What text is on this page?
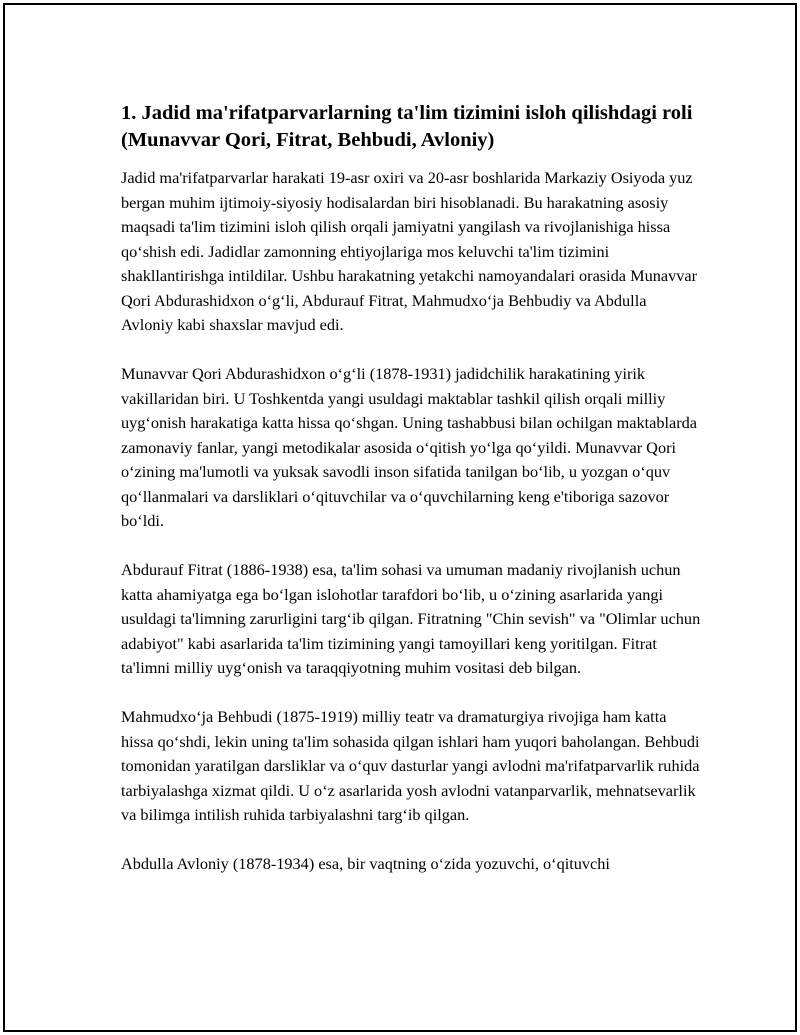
1. Jadid ma'rifatparvarlarning ta'lim tizimini isloh qilishdagi roli (Munavvar Qori, Fitrat, Behbudi, Avloniy)

Jadid ma'rifatparvarlar harakati 19-asr oxiri va 20-asr boshlarida Markaziy Osiyoda yuz bergan muhim ijtimoiy-siyosiy hodisalardan biri hisoblanadi. Bu harakatning asosiy maqsadi ta'lim tizimini isloh qilish orqali jamiyatni yangilash va rivojlanishiga hissa qo‘shish edi. Jadidlar zamonning ehtiyojlariga mos keluvchi ta'lim tizimini shakllantirishga intildilar. Ushbu harakatning yetakchi namoyandalari orasida Munavvar Qori Abdurashidxon o‘g‘li, Abdurauf Fitrat, Mahmudxo‘ja Behbudiy va Abdulla Avloniy kabi shaxslar mavjud edi.

Munavvar Qori Abdurashidxon o‘g‘li (1878-1931) jadidchilik harakatining yirik vakillaridan biri. U Toshkentda yangi usuldagi maktablar tashkil qilish orqali milliy uyg‘onish harakatiga katta hissa qo‘shgan. Uning tashabbusi bilan ochilgan maktablarda zamonaviy fanlar, yangi metodikalar asosida o‘qitish yo‘lga qo‘yildi. Munavvar Qori o‘zining ma'lumotli va yuksak savodli inson sifatida tanilgan bo‘lib, u yozgan o‘quv qo‘llanmalari va darsliklari o‘qituvchilar va o‘quvchilarning keng e'tiboriga sazovor bo‘ldi.

Abdurauf Fitrat (1886-1938) esa, ta'lim sohasi va umuman madaniy rivojlanish uchun katta ahamiyatga ega bo‘lgan islohotlar tarafdori bo‘lib, u o‘zining asarlarida yangi usuldagi ta'limning zarurligini targ‘ib qilgan. Fitratning "Chin sevish" va "Olimlar uchun adabiyot" kabi asarlarida ta'lim tizimining yangi tamoyillari keng yoritilgan. Fitrat ta'limni milliy uyg‘onish va taraqqiyotning muhim vositasi deb bilgan.

Mahmudxo‘ja Behbudi (1875-1919) milliy teatr va dramaturgiya rivojiga ham katta hissa qo‘shdi, lekin uning ta'lim sohasida qilgan ishlari ham yuqori baholangan. Behbudi tomonidan yaratilgan darsliklar va o‘quv dasturlar yangi avlodni ma'rifatparvarlik ruhida tarbiyalashga xizmat qildi. U o‘z asarlarida yosh avlodni vatanparvarlik, mehnatsevarlik va bilimga intilish ruhida tarbiyalashni targ‘ib qilgan.

Abdulla Avloniy (1878-1934) esa, bir vaqtning o‘zida yozuvchi, o‘qituvchi
